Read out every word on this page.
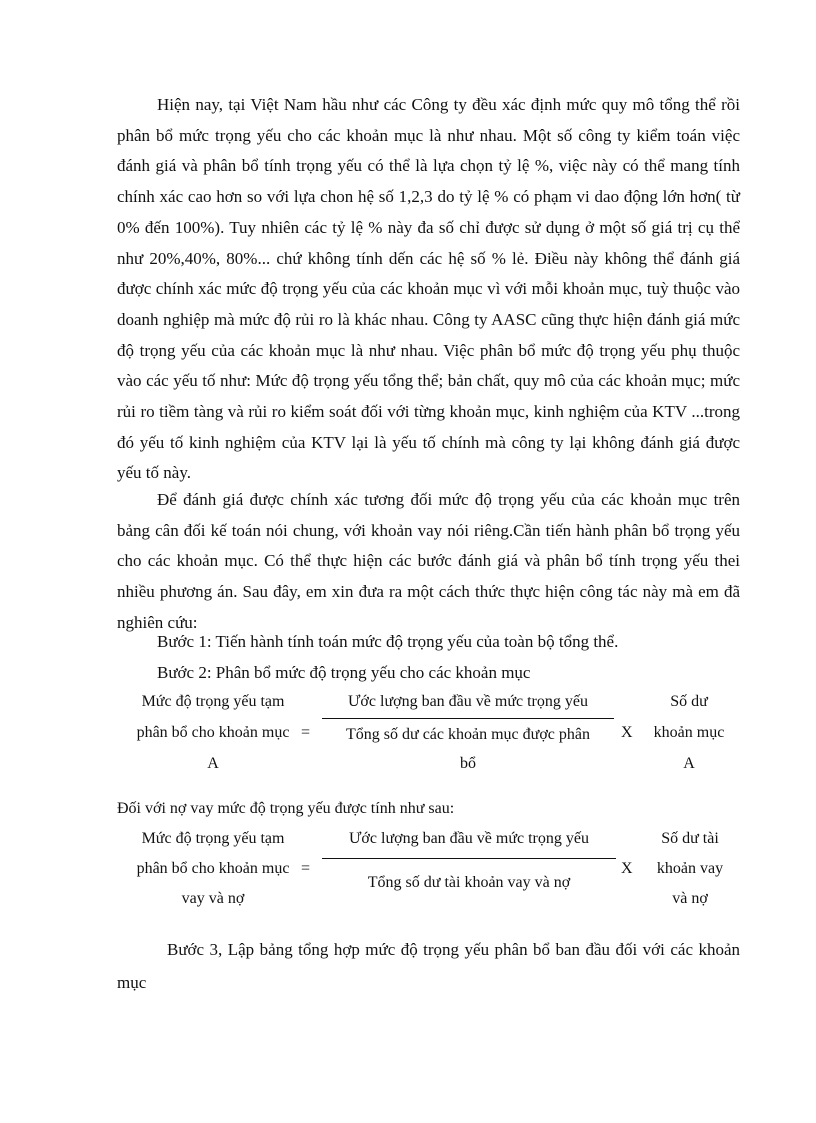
Hiện nay, tại Việt Nam hầu như các Công ty đều xác định mức quy mô tổng thể rồi phân bổ mức trọng yếu cho các khoản mục là như nhau. Một số công ty kiểm toán việc đánh giá và phân bổ tính trọng yếu có thể là lựa chọn tỷ lệ %, việc này có thể mang tính chính xác cao hơn so với lựa chon hệ số 1,2,3 do tỷ lệ % có phạm vi dao động lớn hơn( từ 0% đến 100%). Tuy nhiên các tỷ lệ % này đa số chỉ được sử dụng ở một số giá trị cụ thể như 20%,40%, 80%... chứ không tính dến các hệ số % lẻ. Điều này không thể đánh giá được chính xác mức độ trọng yếu của các khoản mục vì với mỗi khoản mục, tuỳ thuộc vào doanh nghiệp mà mức độ rủi ro là khác nhau. Công ty AASC cũng thực hiện đánh giá mức độ trọng yếu của các khoản mục là như nhau. Việc phân bổ mức độ trọng yếu phụ thuộc vào các yếu tố như: Mức độ trọng yếu tổng thể; bản chất, quy mô của các khoản mục; mức rủi ro tiềm tàng và rủi ro kiểm soát đối với từng khoản mục, kinh nghiệm của KTV ...trong đó yếu tố kinh nghiệm của KTV lại là yếu tố chính mà công ty lại không đánh giá được yếu tố này.

Để đánh giá được chính xác tương đối mức độ trọng yếu của các khoản mục trên bảng cân đối kế toán nói chung, với khoản vay nói riêng.Cần tiến hành phân bổ trọng yếu cho các khoản mục. Có thể thực hiện các bước đánh giá và phân bổ tính trọng yếu thei nhiều phương án. Sau đây, em xin đưa ra một cách thức thực hiện công tác này mà em đã nghiên cứu:

Bước 1: Tiến hành tính toán mức độ trọng yếu của toàn bộ tổng thể.

Bước 2: Phân bổ mức độ trọng yếu cho các khoản mục

Mức độ trọng yếu tạm
phân bổ cho khoản mục
A
=
Ước lượng ban đầu về mức trọng yếu
Tổng số dư các khoản mục được phân
bổ
X
Số dư
khoản mục
A
Đối với nợ vay mức độ trọng yếu được tính như sau:
Mức độ trọng yếu tạm
phân bổ cho khoản mục
vay và nợ
=
Ước lượng ban đầu về mức trọng yếu
Tổng số dư tài khoản vay và nợ
X
Số dư tài
khoản vay
và nợ

Bước 3, Lập bảng tổng hợp mức độ trọng yếu phân bổ ban đầu đối với các khoản mục
